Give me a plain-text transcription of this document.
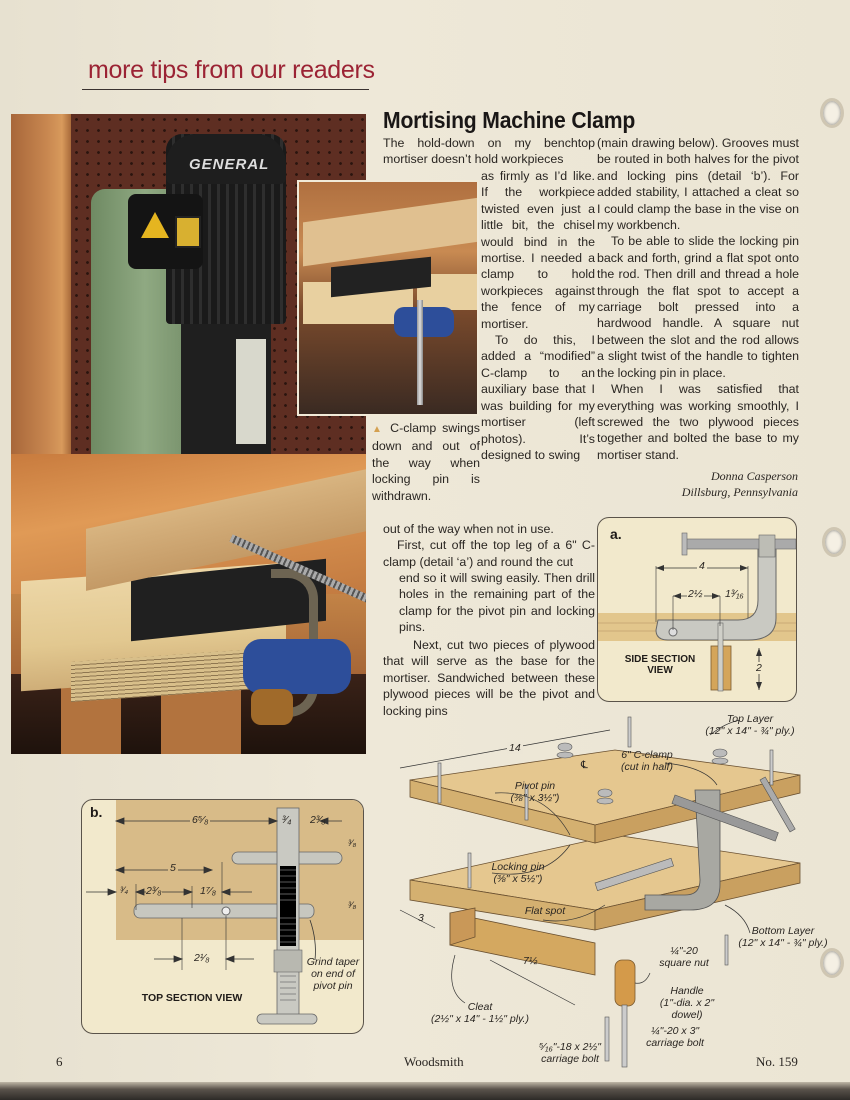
more tips from our readers
GENERAL
Mortising Machine Clamp

The hold-down on my benchtop mortiser doesn’t hold workpieces

as firmly as I’d like. If the workpiece twisted even just a little bit, the chisel would bind in the mortise. I needed a clamp to hold workpieces against the fence of my mortiser.

To do this, I added a “modified” C-clamp to an auxiliary base that I was building for my mortiser (left photos). It’s designed to swing

▲ C-clamp swings down and out of the way when locking pin is withdrawn.

out of the way when not in use.

First, cut off the top leg of a 6" C-clamp (detail ‘a’) and round the cut

end so it will swing easily. Then drill holes in the remaining part of the clamp for the pivot pin and locking pins.

Next, cut two pieces of plywood that will serve as the base for the mortiser. Sandwiched between these plywood pieces will be the pivot and locking pins

(main drawing below). Grooves must be routed in both halves for the pivot and locking pins (detail ‘b’). For added stability, I attached a cleat so I could clamp the base in the vise on my workbench.

To be able to slide the locking pin back and forth, grind a flat spot onto the rod. Then drill and thread a hole through the flat spot to accept a carriage bolt pressed into a hardwood handle. A square nut between the slot and the rod allows a slight twist of the handle to tighten the locking pin in place.

When I was satisfied that everything was working smoothly, I screwed the two plywood pieces together and bolted the base to my mortiser stand.

Donna Casperson
Dillsburg, Pennsylvania
a.
4
2½ 1³⁄₁₆
2
SIDE SECTION VIEW
b.	6⁵⁄₈	³⁄₄ 2³⁄₈
³⁄₈
5
³⁄₄ 2³⁄₈	1⁷⁄₈
³⁄₈
2¹⁄₈	Grind taper on end of pivot pin
TOP SECTION VIEW
14
3
7½
Top Layer
(12" x 14" - ¾" ply.)
6" C-clamp
(cut in half)
℄
Pivot pin
(⅜" x 3½")
Locking pin
(⅜" x 5½")
Flat spot
Bottom Layer
(12" x 14" - ¾" ply.)
¼"-20
square nut
Handle
(1"-dia. x 2"
dowel)
Cleat
(2½" x 14" - 1½" ply.)
¼"-20 x 3"
carriage bolt
⁵⁄₁₆"-18 x 2½"
carriage bolt
6	Woodsmith	No. 159
